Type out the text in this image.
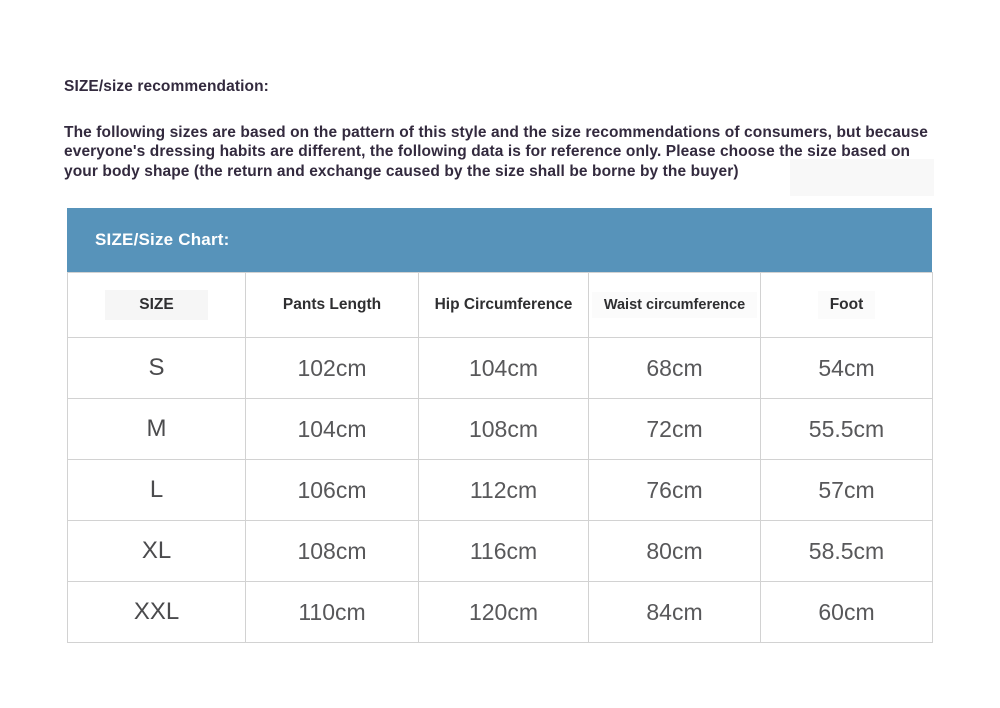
SIZE/size recommendation:
The following sizes are based on the pattern of this style and the size recommendations of consumers, but because
everyone's dressing habits are different, the following data is for reference only. Please choose the size based on
your body shape (the return and exchange caused by the size shall be borne by the buyer)
SIZE/Size Chart:
SIZE	Pants Length	Hip Circumference	Waist circumference	Foot
S	102cm	104cm	68cm	54cm
M	104cm	108cm	72cm	55.5cm
L	106cm	112cm	76cm	57cm
XL	108cm	116cm	80cm	58.5cm
XXL	110cm	120cm	84cm	60cm
